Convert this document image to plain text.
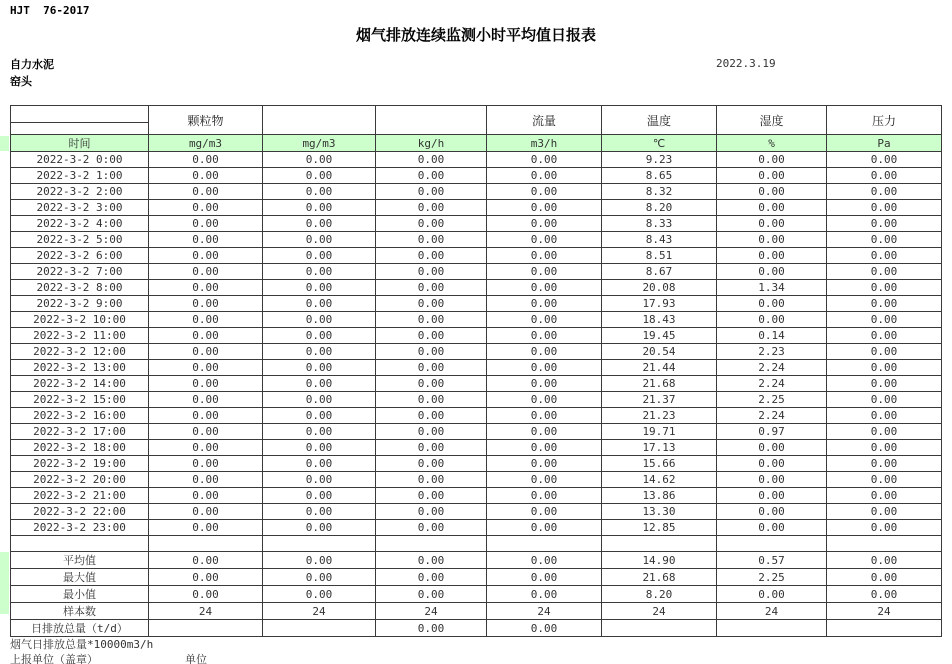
HJT  76-2017
烟气排放连续监测小时平均值日报表
自力水泥
窑头
2022.3.19
	颗粒物			流量	温度	湿度	压力

时间	mg/m3	mg/m3	kg/h	m3/h	℃	%	Pa
2022-3-2 0:00	0.00	0.00	0.00	0.00	9.23	0.00	0.00
2022-3-2 1:00	0.00	0.00	0.00	0.00	8.65	0.00	0.00
2022-3-2 2:00	0.00	0.00	0.00	0.00	8.32	0.00	0.00
2022-3-2 3:00	0.00	0.00	0.00	0.00	8.20	0.00	0.00
2022-3-2 4:00	0.00	0.00	0.00	0.00	8.33	0.00	0.00
2022-3-2 5:00	0.00	0.00	0.00	0.00	8.43	0.00	0.00
2022-3-2 6:00	0.00	0.00	0.00	0.00	8.51	0.00	0.00
2022-3-2 7:00	0.00	0.00	0.00	0.00	8.67	0.00	0.00
2022-3-2 8:00	0.00	0.00	0.00	0.00	20.08	1.34	0.00
2022-3-2 9:00	0.00	0.00	0.00	0.00	17.93	0.00	0.00
2022-3-2 10:00	0.00	0.00	0.00	0.00	18.43	0.00	0.00
2022-3-2 11:00	0.00	0.00	0.00	0.00	19.45	0.14	0.00
2022-3-2 12:00	0.00	0.00	0.00	0.00	20.54	2.23	0.00
2022-3-2 13:00	0.00	0.00	0.00	0.00	21.44	2.24	0.00
2022-3-2 14:00	0.00	0.00	0.00	0.00	21.68	2.24	0.00
2022-3-2 15:00	0.00	0.00	0.00	0.00	21.37	2.25	0.00
2022-3-2 16:00	0.00	0.00	0.00	0.00	21.23	2.24	0.00
2022-3-2 17:00	0.00	0.00	0.00	0.00	19.71	0.97	0.00
2022-3-2 18:00	0.00	0.00	0.00	0.00	17.13	0.00	0.00
2022-3-2 19:00	0.00	0.00	0.00	0.00	15.66	0.00	0.00
2022-3-2 20:00	0.00	0.00	0.00	0.00	14.62	0.00	0.00
2022-3-2 21:00	0.00	0.00	0.00	0.00	13.86	0.00	0.00
2022-3-2 22:00	0.00	0.00	0.00	0.00	13.30	0.00	0.00
2022-3-2 23:00	0.00	0.00	0.00	0.00	12.85	0.00	0.00

平均值	0.00	0.00	0.00	0.00	14.90	0.57	0.00
最大值	0.00	0.00	0.00	0.00	21.68	2.25	0.00
最小值	0.00	0.00	0.00	0.00	8.20	0.00	0.00
样本数	24	24	24	24	24	24	24
日排放总量（t/d）			0.00	0.00			
烟气日排放总量*10000m3/h
上报单位（盖章）	单位
